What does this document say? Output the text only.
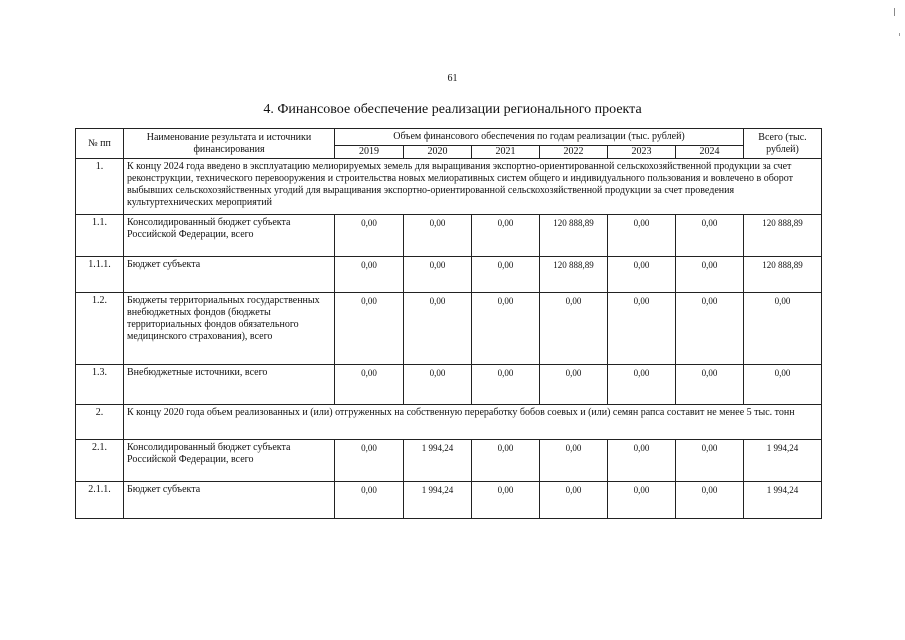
61
4. Финансовое обеспечение реализации регионального проекта
№ пп	Наименование результата и источники финансирования	Объем финансового обеспечения по годам реализации (тыс. рублей)						Всего (тыс. рублей)
		2019	2020	2021	2022	2023	2024	
1.	К концу 2024 года введено в эксплуатацию мелиорируемых земель для выращивания экспортно-ориентированной сельскохозяйственной продукции за счет реконструкции, технического перевооружения и строительства новых мелиоративных систем общего и индивидуального пользования и вовлечено в оборот выбывших сельскохозяйственных угодий для выращивания экспортно-ориентированной сельскохозяйственной продукции за счет проведения культуртехнических мероприятий							
1.1.	Консолидированный бюджет субъекта Российской Федерации, всего	0,00	0,00	0,00	120 888,89	0,00	0,00	120 888,89
1.1.1.	Бюджет субъекта	0,00	0,00	0,00	120 888,89	0,00	0,00	120 888,89
1.2.	Бюджеты территориальных государственных внебюджетных фондов (бюджеты территориальных фондов обязательного медицинского страхования), всего	0,00	0,00	0,00	0,00	0,00	0,00	0,00
1.3.	Внебюджетные источники, всего	0,00	0,00	0,00	0,00	0,00	0,00	0,00
2.	К концу 2020 года объем реализованных и (или) отгруженных на собственную переработку бобов соевых и (или) семян рапса составит не менее 5 тыс. тонн							
2.1.	Консолидированный бюджет субъекта Российской Федерации, всего	0,00	1 994,24	0,00	0,00	0,00	0,00	1 994,24
2.1.1.	Бюджет субъекта	0,00	1 994,24	0,00	0,00	0,00	0,00	1 994,24
